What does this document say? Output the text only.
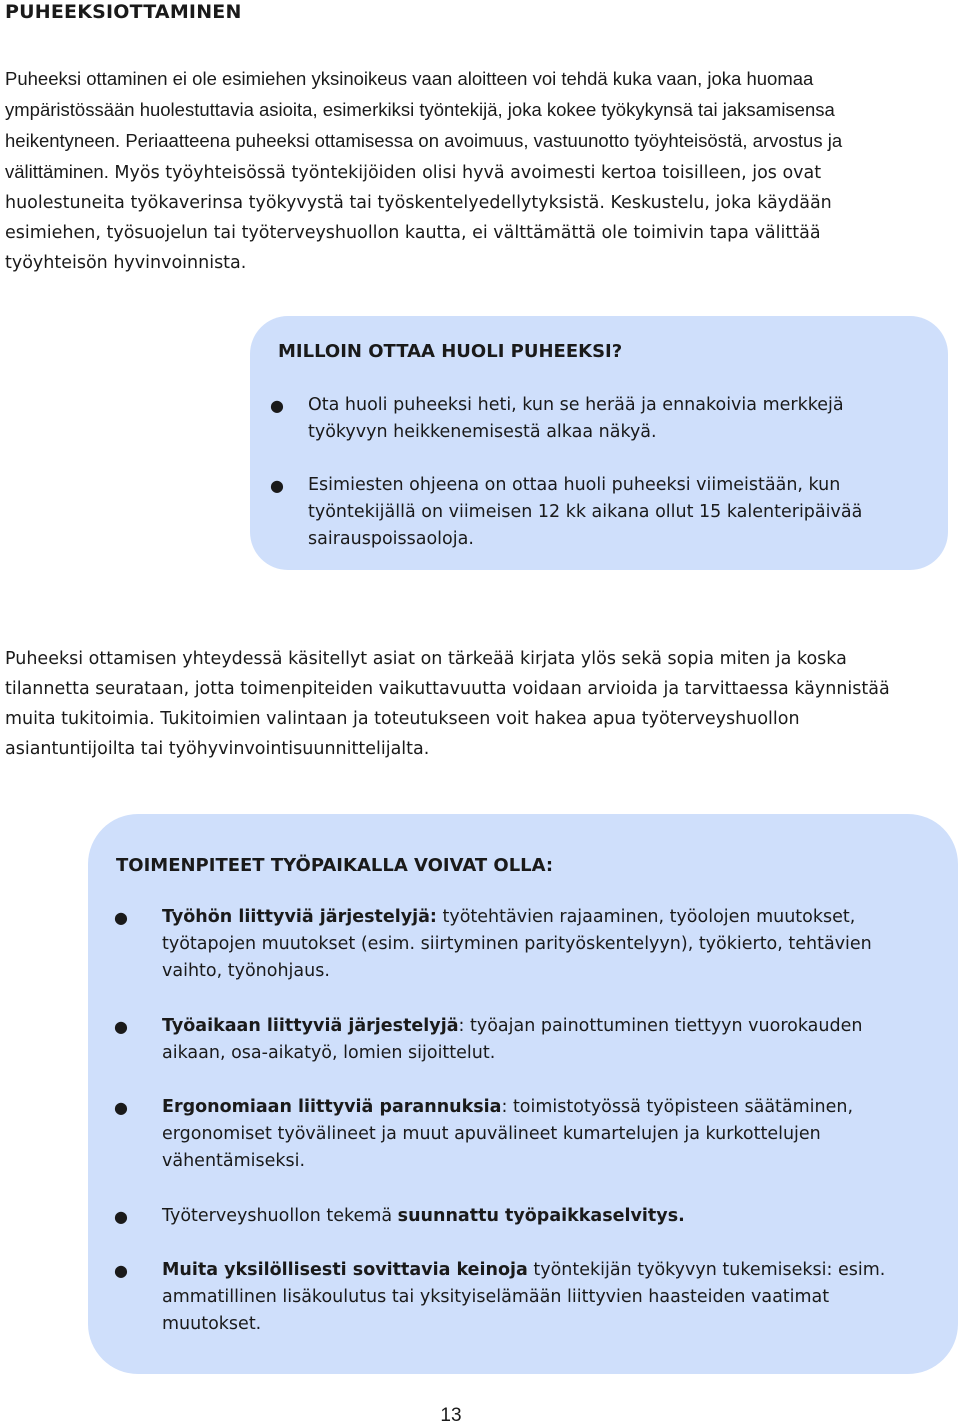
PUHEEKSIOTTAMINEN

Puheeksi ottaminen ei ole esimiehen yksinoikeus vaan aloitteen voi tehdä kuka vaan, joka huomaa ympäristössään huolestuttavia asioita, esimerkiksi työntekijä, joka kokee työkykynsä tai jaksamisensa heikentyneen. Periaatteena puheeksi ottamisessa on avoimuus, vastuunotto työyhteisöstä, arvostus ja välittäminen. Myös työyhteisössä työntekijöiden olisi hyvä avoimesti kertoa toisilleen, jos ovat huolestuneita työkaverinsa työkyvystä tai työskentelyedellytyksistä. Keskustelu, joka käydään esimiehen, työsuojelun tai työterveyshuollon kautta, ei välttämättä ole toimivin tapa välittää työyhteisön hyvinvoinnista.

MILLOIN OTTAA HUOLI PUHEEKSI?
● Ota huoli puheeksi heti, kun se herää ja ennakoivia merkkejä työkyvyn heikkenemisestä alkaa näkyä.
● Esimiesten ohjeena on ottaa huoli puheeksi viimeistään, kun työntekijällä on viimeisen 12 kk aikana ollut 15 kalenteripäivää sairauspoissaoloja.

Puheeksi ottamisen yhteydessä käsitellyt asiat on tärkeää kirjata ylös sekä sopia miten ja koska tilannetta seurataan, jotta toimenpiteiden vaikuttavuutta voidaan arvioida ja tarvittaessa käynnistää muita tukitoimia. Tukitoimien valintaan ja toteutukseen voit hakea apua työterveyshuollon asiantuntijoilta tai työhyvinvointisuunnittelijalta.

TOIMENPITEET TYÖPAIKALLA VOIVAT OLLA:
● Työhön liittyviä järjestelyjä: työtehtävien rajaaminen, työolojen muutokset, työtapojen muutokset (esim. siirtyminen parityöskentelyyn), työkierto, tehtävien vaihto, työnohjaus.
● Työaikaan liittyviä järjestelyjä: työajan painottuminen tiettyyn vuorokauden aikaan, osa-aikatyö, lomien sijoittelut.
● Ergonomiaan liittyviä parannuksia: toimistotyössä työpisteen säätäminen, ergonomiset työvälineet ja muut apuvälineet kumartelujen ja kurkottelujen vähentämiseksi.
● Työterveyshuollon tekemä suunnattu työpaikkaselvitys.
● Muita yksilöllisesti sovittavia keinoja työntekijän työkyvyn tukemiseksi: esim. ammatillinen lisäkoulutus tai yksityiselämään liittyvien haasteiden vaatimat muutokset.
13
